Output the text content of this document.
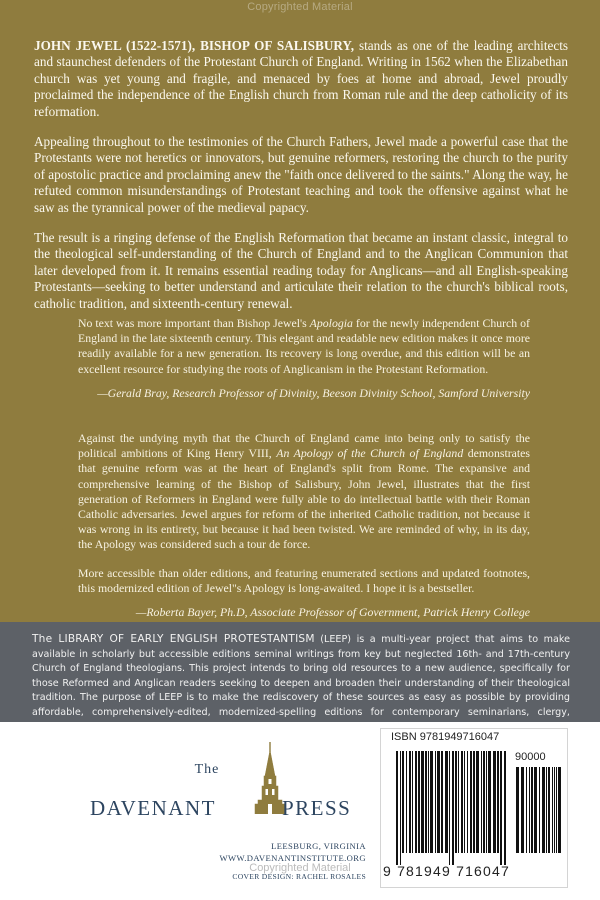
Copyrighted Material

JOHN JEWEL (1522-1571), BISHOP OF SALISBURY, stands as one of the leading architects and staunchest defenders of the Protestant Church of England. Writing in 1562 when the Elizabethan church was yet young and fragile, and menaced by foes at home and abroad, Jewel proudly proclaimed the independence of the English church from Roman rule and the deep catholicity of its reformation.

Appealing throughout to the testimonies of the Church Fathers, Jewel made a powerful case that the Protestants were not heretics or innovators, but genuine reformers, restoring the church to the purity of apostolic practice and proclaiming anew the "faith once delivered to the saints." Along the way, he refuted common misunderstandings of Protestant teaching and took the offensive against what he saw as the tyrannical power of the medieval papacy.

The result is a ringing defense of the English Reformation that became an instant classic, integral to the theological self-understanding of the Church of England and to the Anglican Communion that later developed from it. It remains essential reading today for Anglicans—and all English-speaking Protestants—seeking to better understand and articulate their relation to the church's biblical roots, catholic tradition, and sixteenth-century renewal.

No text was more important than Bishop Jewel's Apologia for the newly independent Church of England in the late sixteenth century. This elegant and readable new edition makes it once more readily available for a new generation. Its recovery is long overdue, and this edition will be an excellent resource for studying the roots of Anglicanism in the Protestant Reformation.

—Gerald Bray, Research Professor of Divinity, Beeson Divinity School, Samford University

Against the undying myth that the Church of England came into being only to satisfy the political ambitions of King Henry VIII, An Apology of the Church of England demonstrates that genuine reform was at the heart of England's split from Rome. The expansive and comprehensive learning of the Bishop of Salisbury, John Jewel, illustrates that the first generation of Reformers in England were fully able to do intellectual battle with their Roman Catholic adversaries. Jewel argues for reform of the inherited Catholic tradition, not because it was wrong in its entirety, but because it had been twisted. We are reminded of why, in its day, the Apology was considered such a tour de force.

More accessible than older editions, and featuring enumerated sections and updated footnotes, this modernized edition of Jewel"s Apology is long-awaited. I hope it is a bestseller.

—Roberta Bayer, Ph.D, Associate Professor of Government, Patrick Henry College

The LIBRARY OF EARLY ENGLISH PROTESTANTISM (LEEP) is a multi-year project that aims to make available in scholarly but accessible editions seminal writings from key but neglected 16th- and 17th-century Church of England theologians. This project intends to bring old resources to a new audience, specifically for those Reformed and Anglican readers seeking to deepen and broaden their understanding of their theological tradition. The purpose of LEEP is to make the rediscovery of these sources as easy as possible by providing affordable, comprehensively-edited, modernized-spelling editions for contemporary seminarians, clergy,
The
DAVENANT	PRESS
LEESBURG, VIRGINIA
WWW.DAVENANTINSTITUTE.ORG
COVER DESIGN: RACHEL ROSALES
ISBN 9781949716047
90000
9 781949 716047
Copyrighted Material
